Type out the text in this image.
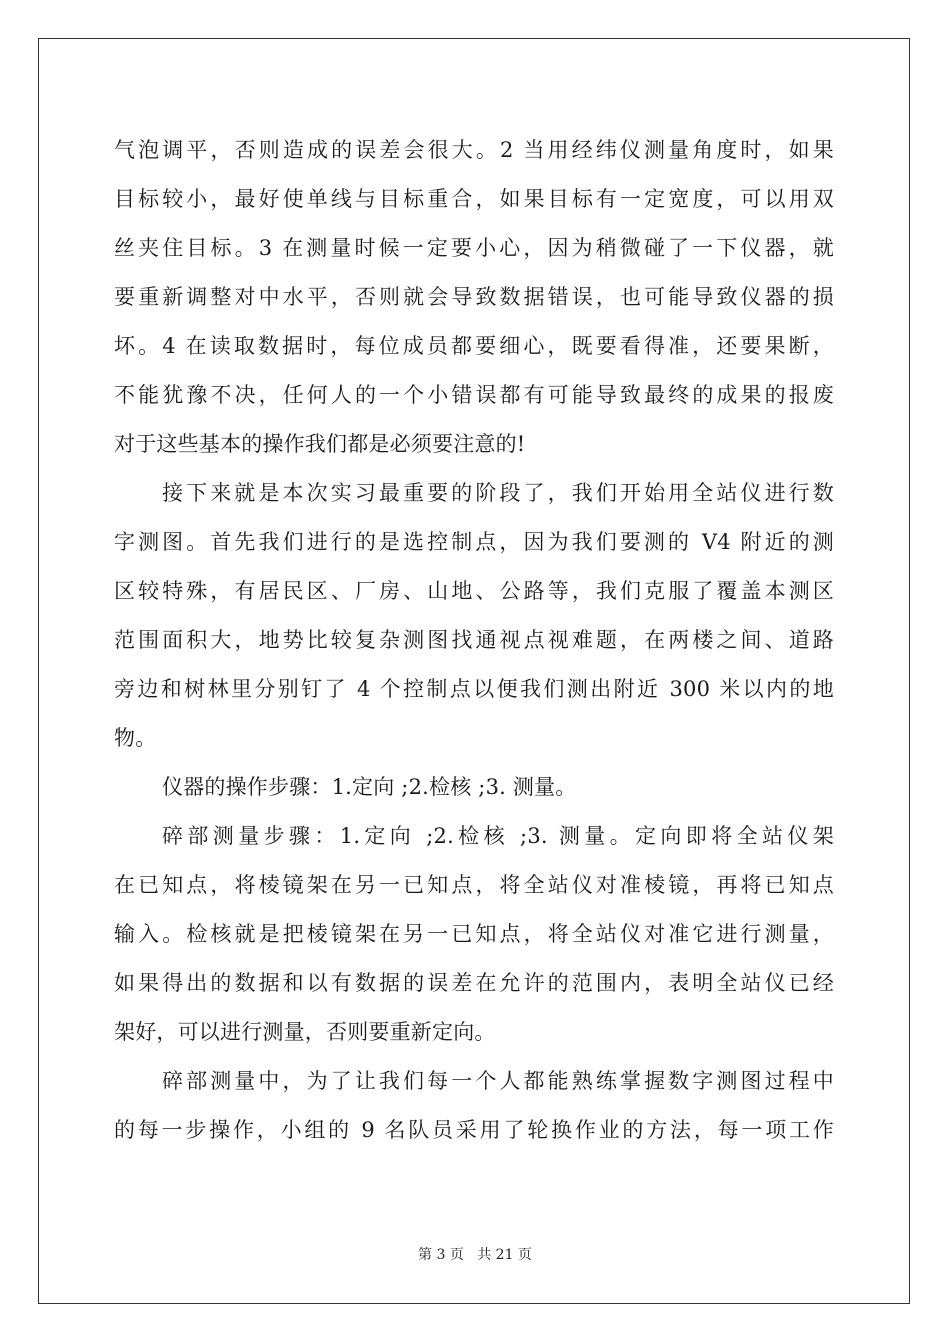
气泡调平，否则造成的误差会很大。2 当用经纬仪测量角度时，如果
目标较小，最好使单线与目标重合，如果目标有一定宽度，可以用双
丝夹住目标。3 在测量时候一定要小心，因为稍微碰了一下仪器，就
要重新调整对中水平，否则就会导致数据错误，也可能导致仪器的损
坏。4 在读取数据时，每位成员都要细心，既要看得准，还要果断，
不能犹豫不决，任何人的一个小错误都有可能导致最终的成果的报废
对于这些基本的操作我们都是必须要注意的!
接下来就是本次实习最重要的阶段了，我们开始用全站仪进行数
字测图。首先我们进行的是选控制点，因为我们要测的 V4 附近的测
区较特殊，有居民区、厂房、山地、公路等，我们克服了覆盖本测区
范围面积大，地势比较复杂测图找通视点视难题，在两楼之间、道路
旁边和树林里分别钉了 4 个控制点以便我们测出附近 300 米以内的地
物。
仪器的操作步骤：1.定向 ;2.检核 ;3. 测量。
碎部测量步骤：1.定向 ;2.检核 ;3. 测量。定向即将全站仪架
在已知点，将棱镜架在另一已知点，将全站仪对准棱镜，再将已知点
输入。检核就是把棱镜架在另一已知点，将全站仪对准它进行测量，
如果得出的数据和以有数据的误差在允许的范围内，表明全站仪已经
架好，可以进行测量，否则要重新定向。
碎部测量中，为了让我们每一个人都能熟练掌握数字测图过程中
的每一步操作，小组的 9 名队员采用了轮换作业的方法，每一项工作
第 3 页 共 21 页
